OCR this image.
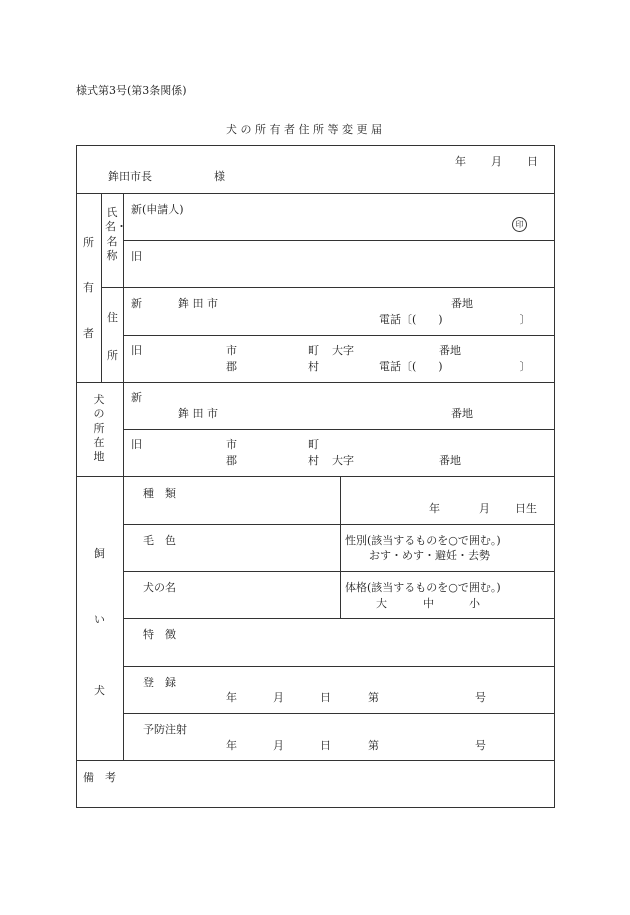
様式第3号(第3条関係)
犬 の 所 有 者 住 所 等 変 更 届
年 月 日
鉾田市長	様
所
有
者
氏名・名称
新(申請人)
印
旧
住
所
新	鉾 田 市	番地
電話〔(　　)　　　　　　　〕
旧	市	町 大字	番地
郡	村	電話〔(　　)　　　　　　　〕
犬の所在地
新
鉾 田 市	番地
旧	市	町
郡	村 大字	番地
飼
い
犬
種　類
年	月 日生
毛　色	性別(該当するものを○で囲む。)
おす・めす・避妊・去勢
犬の名	体格(該当するものを○で囲む。)
大	中	小
特　徴
登　録
年	月	日	第	号
予防注射
年	月	日	第	号
備　考
